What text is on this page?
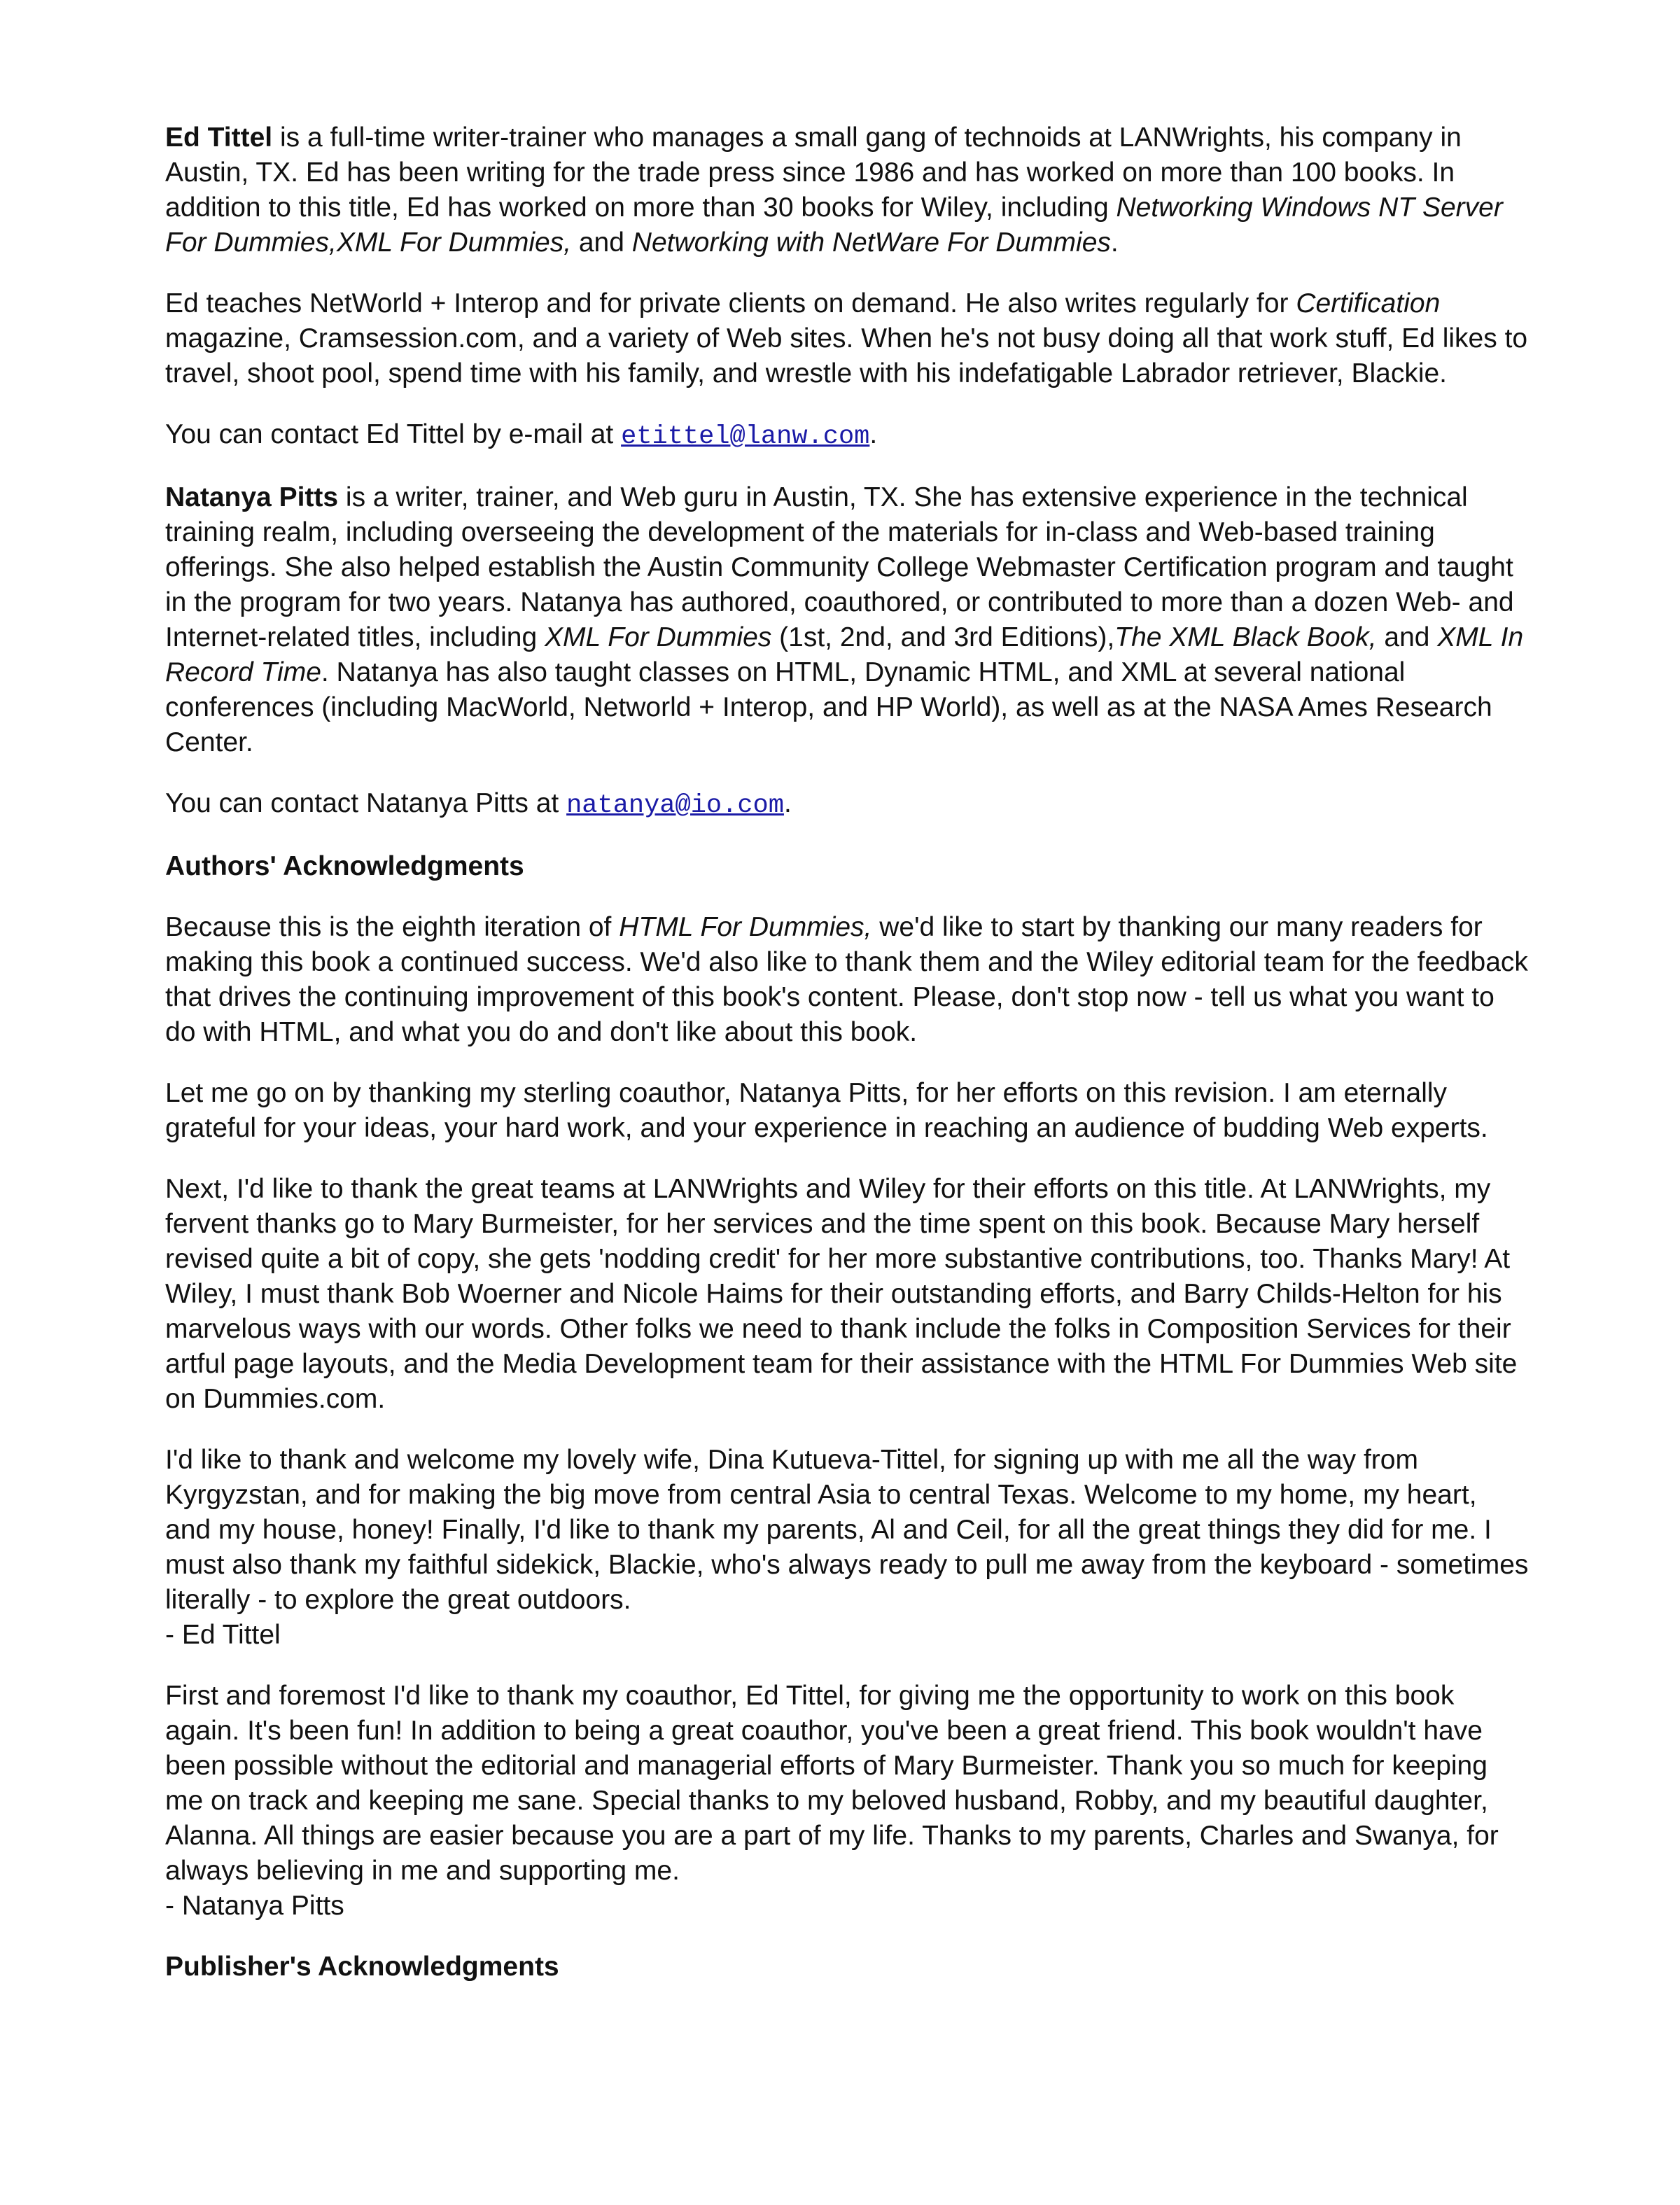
Ed Tittel is a full-time writer-trainer who manages a small gang of technoids at LANWrights, his company in Austin, TX. Ed has been writing for the trade press since 1986 and has worked on more than 100 books. In addition to this title, Ed has worked on more than 30 books for Wiley, including Networking Windows NT Server For Dummies,XML For Dummies, and Networking with NetWare For Dummies.

Ed teaches NetWorld + Interop and for private clients on demand. He also writes regularly for Certification magazine, Cramsession.com, and a variety of Web sites. When he's not busy doing all that work stuff, Ed likes to travel, shoot pool, spend time with his family, and wrestle with his indefatigable Labrador retriever, Blackie.

You can contact Ed Tittel by e-mail at etittel@lanw.com.

Natanya Pitts is a writer, trainer, and Web guru in Austin, TX. She has extensive experience in the technical training realm, including overseeing the development of the materials for in-class and Web-based training offerings. She also helped establish the Austin Community College Webmaster Certification program and taught in the program for two years. Natanya has authored, coauthored, or contributed to more than a dozen Web- and Internet-related titles, including XML For Dummies (1st, 2nd, and 3rd Editions),The XML Black Book, and XML In Record Time. Natanya has also taught classes on HTML, Dynamic HTML, and XML at several national conferences (including MacWorld, Networld + Interop, and HP World), as well as at the NASA Ames Research Center.

You can contact Natanya Pitts at natanya@io.com.

Authors' Acknowledgments

Because this is the eighth iteration of HTML For Dummies, we'd like to start by thanking our many readers for making this book a continued success. We'd also like to thank them and the Wiley editorial team for the feedback that drives the continuing improvement of this book's content. Please, don't stop now - tell us what you want to do with HTML, and what you do and don't like about this book.

Let me go on by thanking my sterling coauthor, Natanya Pitts, for her efforts on this revision. I am eternally grateful for your ideas, your hard work, and your experience in reaching an audience of budding Web experts.

Next, I'd like to thank the great teams at LANWrights and Wiley for their efforts on this title. At LANWrights, my fervent thanks go to Mary Burmeister, for her services and the time spent on this book. Because Mary herself revised quite a bit of copy, she gets 'nodding credit' for her more substantive contributions, too. Thanks Mary! At Wiley, I must thank Bob Woerner and Nicole Haims for their outstanding efforts, and Barry Childs-Helton for his marvelous ways with our words. Other folks we need to thank include the folks in Composition Services for their artful page layouts, and the Media Development team for their assistance with the HTML For Dummies Web site on Dummies.com.

I'd like to thank and welcome my lovely wife, Dina Kutueva-Tittel, for signing up with me all the way from Kyrgyzstan, and for making the big move from central Asia to central Texas. Welcome to my home, my heart, and my house, honey! Finally, I'd like to thank my parents, Al and Ceil, for all the great things they did for me. I must also thank my faithful sidekick, Blackie, who's always ready to pull me away from the keyboard - sometimes literally - to explore the great outdoors.
- Ed Tittel

First and foremost I'd like to thank my coauthor, Ed Tittel, for giving me the opportunity to work on this book again. It's been fun! In addition to being a great coauthor, you've been a great friend. This book wouldn't have been possible without the editorial and managerial efforts of Mary Burmeister. Thank you so much for keeping me on track and keeping me sane. Special thanks to my beloved husband, Robby, and my beautiful daughter, Alanna. All things are easier because you are a part of my life. Thanks to my parents, Charles and Swanya, for always believing in me and supporting me.
- Natanya Pitts

Publisher's Acknowledgments
